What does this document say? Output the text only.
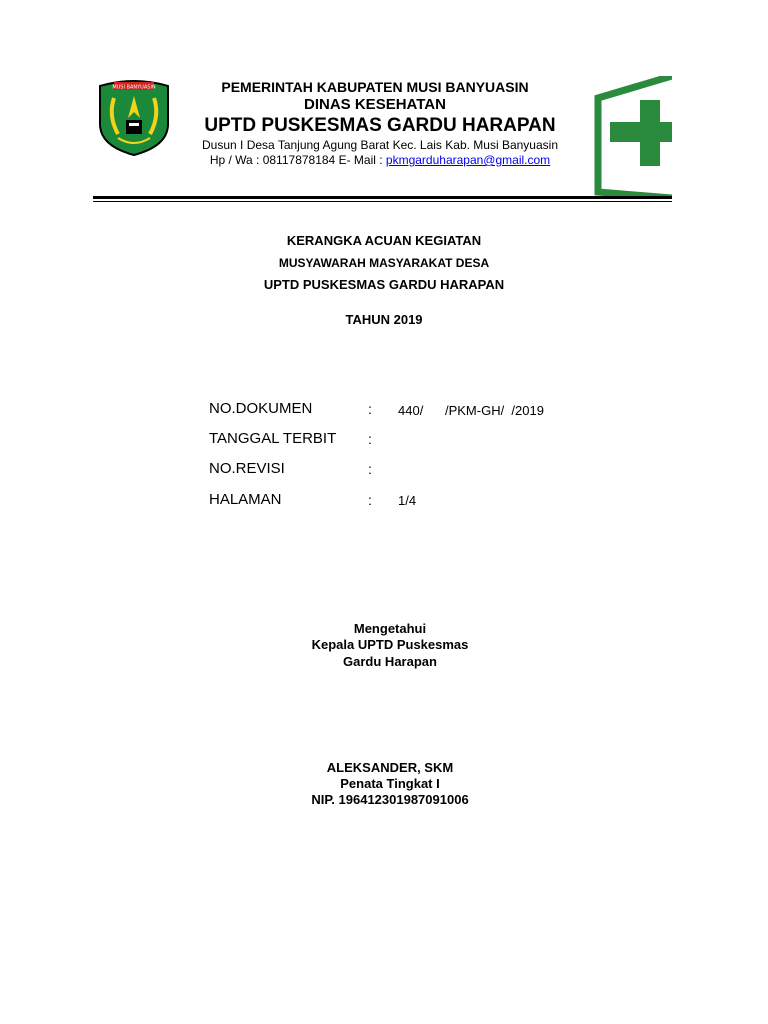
MUSI BANYUASIN	PEMERINTAH KABUPATEN MUSI BANYUASIN
DINAS KESEHATAN
UPTD PUSKESMAS GARDU HARAPAN
Dusun I Desa Tanjung Agung Barat Kec. Lais Kab. Musi Banyuasin
Hp / Wa : 08117878184 E- Mail : pkmgarduharapan@gmail.com
KERANGKA ACUAN KEGIATAN
MUSYAWARAH MASYARAKAT DESA
UPTD PUSKESMAS GARDU HARAPAN
TAHUN 2019
NO.DOKUMEN	: 440/      /PKM-GH/  /2019
TANGGAL TERBIT :
NO.REVISI	:
HALAMAN	: 1/4
Mengetahui
Kepala UPTD Puskesmas
Gardu Harapan
ALEKSANDER, SKM
Penata Tingkat I
NIP. 196412301987091006
